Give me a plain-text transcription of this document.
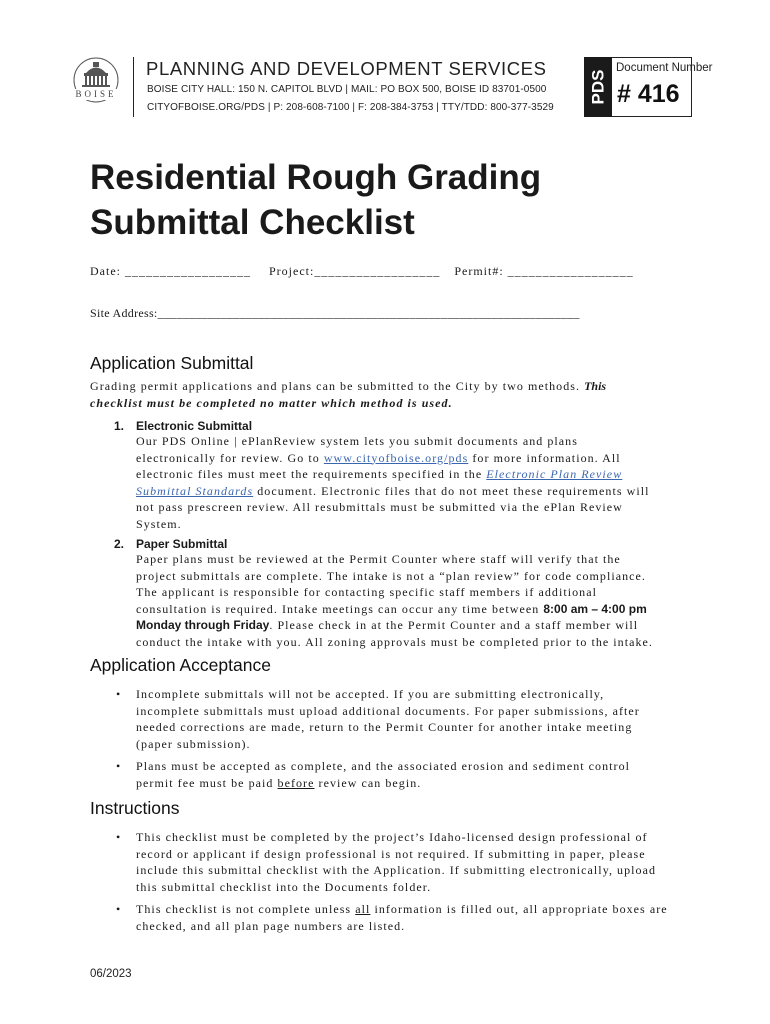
BOISE
PLANNING AND DEVELOPMENT SERVICES
BOISE CITY HALL: 150 N. CAPITOL BLVD | MAIL: PO BOX 500, BOISE ID 83701-0500
CITYOFBOISE.ORG/PDS | P: 208-608-7100 | F: 208-384-3753 | TTY/TDD: 800-377-3529
PDS
Document Number
# 416
Residential Rough Grading
Submittal Checklist
Date: __________________ Project:__________________ Permit#: __________________
Site Address:___________________________________________________________________
Application Submittal
Grading permit applications and plans can be submitted to the City by two methods. This
checklist must be completed no matter which method is used.
1. Electronic Submittal
Our PDS Online | ePlanReview system lets you submit documents and plans
electronically for review. Go to www.cityofboise.org/pds for more information. All
electronic files must meet the requirements specified in the Electronic Plan Review
Submittal Standards document. Electronic files that do not meet these requirements will
not pass prescreen review. All resubmittals must be submitted via the ePlan Review
System.
2. Paper Submittal
Paper plans must be reviewed at the Permit Counter where staff will verify that the
project submittals are complete. The intake is not a “plan review” for code compliance.
The applicant is responsible for contacting specific staff members if additional
consultation is required. Intake meetings can occur any time between 8:00 am – 4:00 pm
Monday through Friday. Please check in at the Permit Counter and a staff member will
conduct the intake with you. All zoning approvals must be completed prior to the intake.
Application Acceptance
• Incomplete submittals will not be accepted. If you are submitting electronically,
incomplete submittals must upload additional documents. For paper submissions, after
needed corrections are made, return to the Permit Counter for another intake meeting
(paper submission).
• Plans must be accepted as complete, and the associated erosion and sediment control
permit fee must be paid before review can begin.
Instructions
• This checklist must be completed by the project’s Idaho-licensed design professional of
record or applicant if design professional is not required. If submitting in paper, please
include this submittal checklist with the Application. If submitting electronically, upload
this submittal checklist into the Documents folder.
• This checklist is not complete unless all information is filled out, all appropriate boxes are
checked, and all plan page numbers are listed.
06/2023
